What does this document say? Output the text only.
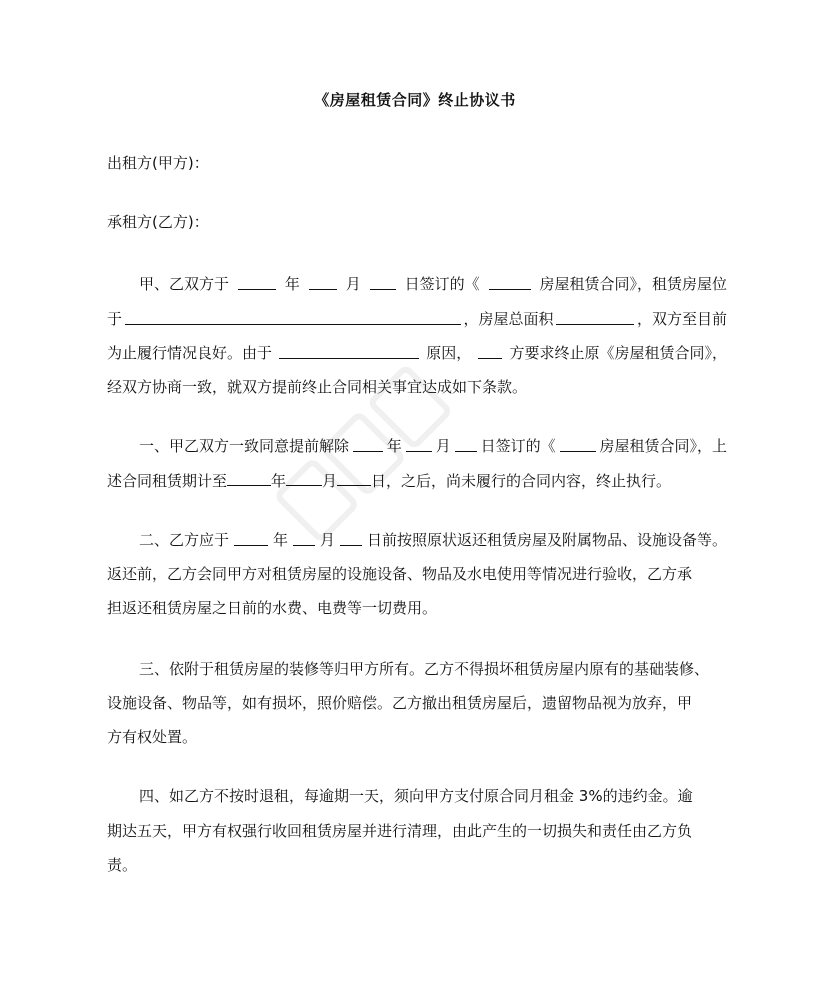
《房屋租赁合同》终止协议书
出租方(甲方)：
承租方(乙方)：
甲、乙双方于	年	月	日签订的《	房屋租赁合同》，租赁房屋位
于	，房屋总面积	，双方至目前
为止履行情况良好。由于	原因，	方要求终止原《房屋租赁合同》，
经双方协商一致，就双方提前终止合同相关事宜达成如下条款。
一、甲乙双方一致同意提前解除	年 月 日签订的《	房屋租赁合同》，上
述合同租赁期计至	年 月 日，之后，尚未履行的合同内容，终止执行。
二、乙方应于	年 月 日前按照原状返还租赁房屋及附属物品、设施设备等。
返还前，乙方会同甲方对租赁房屋的设施设备、物品及水电使用等情况进行验收，乙方承
担返还租赁房屋之日前的水费、电费等一切费用。
三、依附于租赁房屋的装修等归甲方所有。乙方不得损坏租赁房屋内原有的基础装修、
设施设备、物品等，如有损坏，照价赔偿。乙方撤出租赁房屋后，遗留物品视为放弃，甲
方有权处置。
四、如乙方不按时退租，每逾期一天，须向甲方支付原合同月租金 3%的违约金。逾
期达五天，甲方有权强行收回租赁房屋并进行清理，由此产生的一切损失和责任由乙方负
责。
